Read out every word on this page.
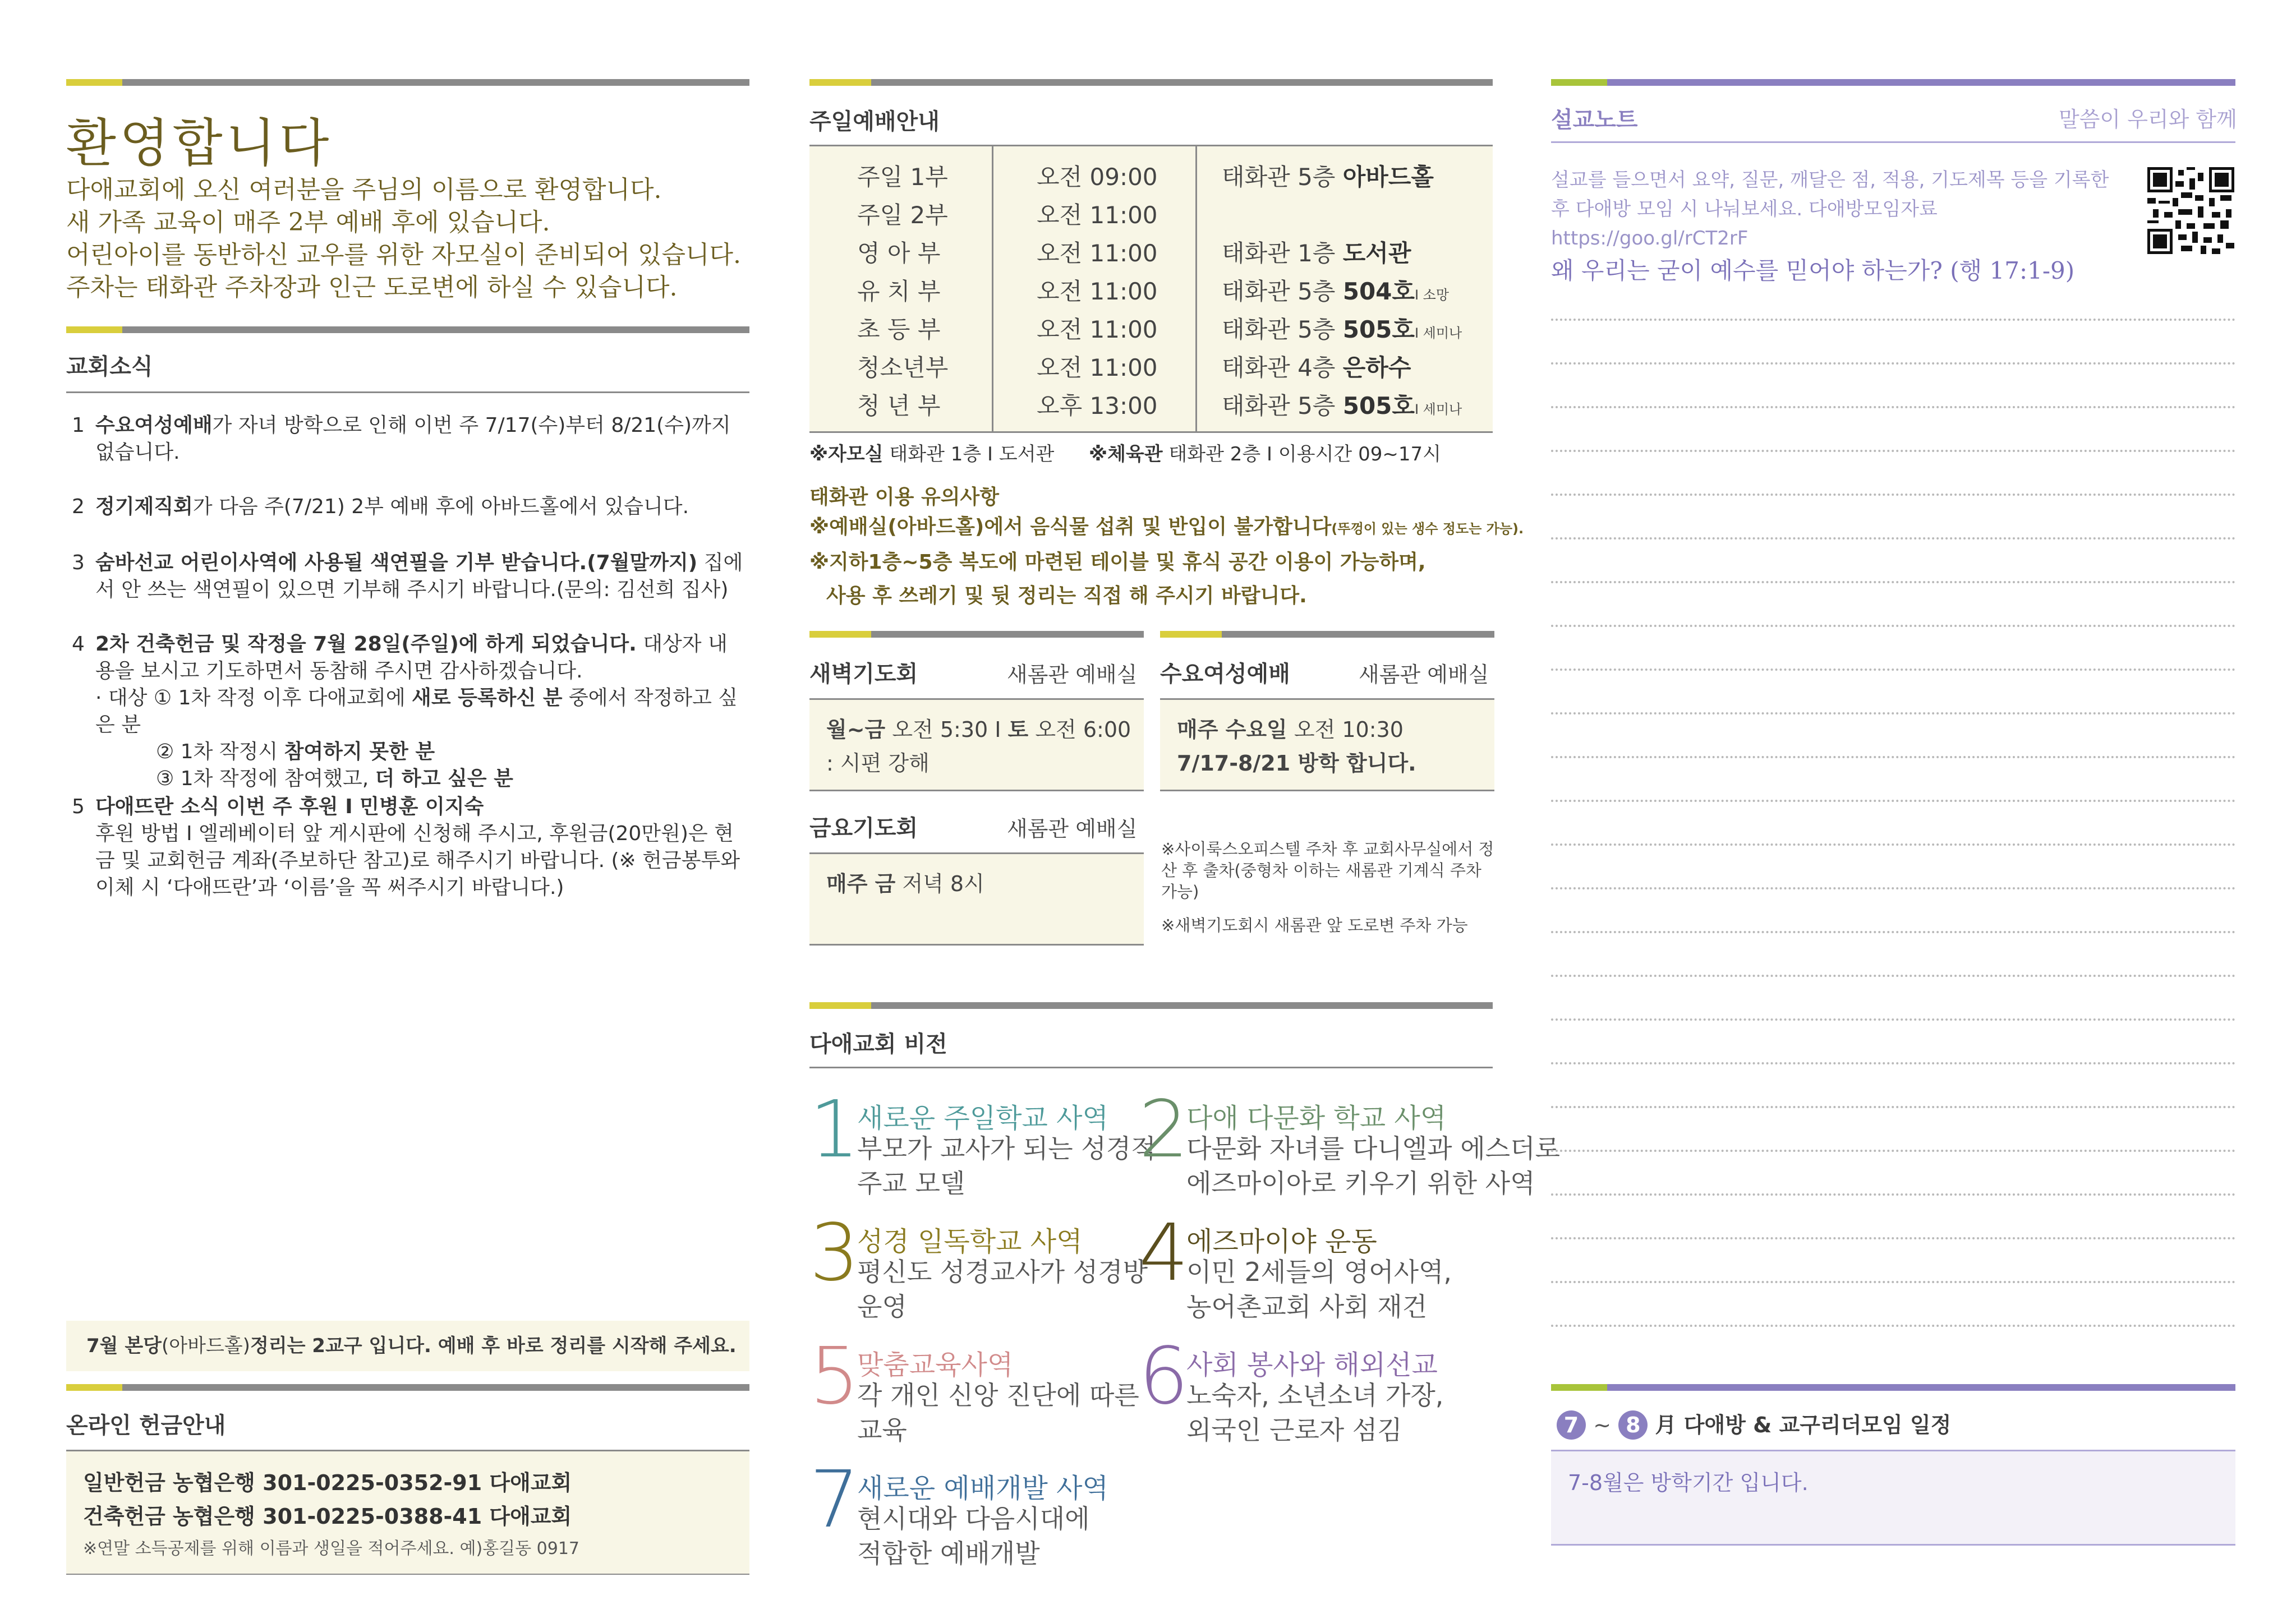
환영합니다
다애교회에 오신 여러분을 주님의 이름으로 환영합니다.
새 가족 교육이 매주 2부 예배 후에 있습니다.
어린아이를 동반하신 교우를 위한 자모실이 준비되어 있습니다.
주차는 태화관 주차장과 인근 도로변에 하실 수 있습니다.
교회소식
1 수요여성예배가 자녀 방학으로 인해 이번 주 7/17(수)부터 8/21(수)까지 없습니다.
2 정기제직회가 다음 주(7/21) 2부 예배 후에 아바드홀에서 있습니다.
3 숨바선교 어린이사역에 사용될 색연필을 기부 받습니다.(7월말까지) 집에서 안 쓰는 색연필이 있으면 기부해 주시기 바랍니다.(문의: 김선희 집사)
4 2차 건축헌금 및 작정을 7월 28일(주일)에 하게 되었습니다. 대상자 내용을 보시고 기도하면서 동참해 주시면 감사하겠습니다.
· 대상 ① 1차 작정 이후 다애교회에 새로 등록하신 분 중에서 작정하고 싶은 분
② 1차 작정시 참여하지 못한 분
③ 1차 작정에 참여했고, 더 하고 싶은 분
5 다애뜨란 소식 이번 주 후원 I 민병훈 이지숙
후원 방법 I 엘레베이터 앞 게시판에 신청해 주시고, 후원금(20만원)은 현금 및 교회헌금 계좌(주보하단 참고)로 해주시기 바랍니다. (※ 헌금봉투와 이체 시 ‘다애뜨란’과 ‘이름’을 꼭 써주시기 바랍니다.)
7월 본당(아바드홀)정리는 2교구 입니다. 예배 후 바로 정리를 시작해 주세요.
온라인 헌금안내
일반헌금 농협은행 301-0225-0352-91 다애교회
건축헌금 농협은행 301-0225-0388-41 다애교회
※연말 소득공제를 위해 이름과 생일을 적어주세요. 예)홍길동 0917
주일예배안내
주일 1부	오전 09:00	태화관 5층 아바드홀
주일 2부	오전 11:00
영 아 부	오전 11:00	태화관 1층 도서관
유 치 부	오전 11:00	태화관 5층 504호I 소망
초 등 부	오전 11:00	태화관 5층 505호I 세미나
청소년부	오전 11:00	태화관 4층 은하수
청 년 부	오후 13:00	태화관 5층 505호I 세미나
※자모실 태화관 1층 I 도서관 ※체육관 태화관 2층 I 이용시간 09~17시
태화관 이용 유의사항
※예배실(아바드홀)에서 음식물 섭취 및 반입이 불가합니다(뚜껑이 있는 생수 정도는 가능).
※지하1층~5층 복도에 마련된 테이블 및 휴식 공간 이용이 가능하며,
사용 후 쓰레기 및 뒷 정리는 직접 해 주시기 바랍니다.
새벽기도회	새롬관 예배실
월~금 오전 5:30 I 토 오전 6:00
: 시편 강해
수요여성예배	새롬관 예배실
매주 수요일 오전 10:30
7/17-8/21 방학 합니다.
금요기도회	새롬관 예배실
매주 금 저녁 8시
※사이룩스오피스텔 주차 후 교회사무실에서 정산 후 출차(중형차 이하는 새롬관 기계식 주차 가능)
※새벽기도회시 새롬관 앞 도로변 주차 가능
다애교회 비전
1
새로운 주일학교 사역
부모가 교사가 되는 성경적
주교 모델
2
다애 다문화 학교 사역
다문화 자녀를 다니엘과 에스더로
에즈마이아로 키우기 위한 사역
3
성경 일독학교 사역
평신도 성경교사가 성경방
운영
4
에즈마이야 운동
이민 2세들의 영어사역,
농어촌교회 사회 재건
5
맞춤교육사역
각 개인 신앙 진단에 따른
교육
6
사회 봉사와 해외선교
노숙자, 소년소녀 가장,
외국인 근로자 섬김
7
새로운 예배개발 사역
현시대와 다음시대에
적합한 예배개발
설교노트	말씀이 우리와 함께
설교를 들으면서 요약, 질문, 깨달은 점, 적용, 기도제목 등을 기록한
후 다애방 모임 시 나눠보세요. 다애방모임자료 https://goo.gl/rCT2rF
왜 우리는 굳이 예수를 믿어야 하는가? (행 17:1-9)
7 ~ 8 月 다애방 & 교구리더모임 일정
7-8월은 방학기간 입니다.
